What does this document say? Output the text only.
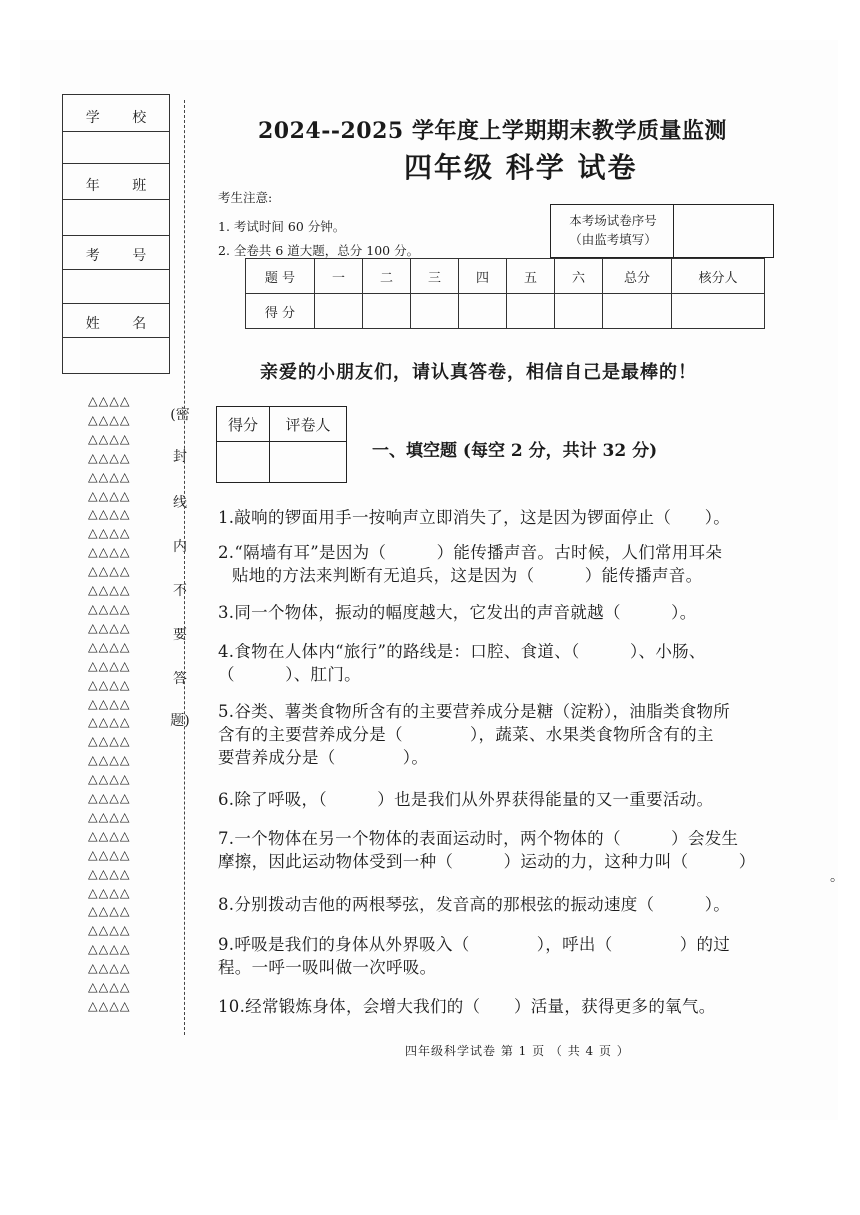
学 校
年 班
考 号
姓 名
△△△△
△△△△
△△△△
△△△△
△△△△
△△△△
△△△△
△△△△
△△△△
△△△△
△△△△
△△△△
△△△△
△△△△
△△△△
△△△△
△△△△
△△△△
△△△△
△△△△
△△△△
△△△△
△△△△
△△△△
△△△△
△△△△
△△△△
△△△△
△△△△
△△△△
△△△△
△△△△
△△△△
(密
封
线
内
不
要
答
题)
2024--2025 学年度上学期期末教学质量监测
四年级 科学 试卷
考生注意:
1. 考试时间 60 分钟。
2. 全卷共 6 道大题，总分 100 分。
本考场试卷序号
（由监考填写）
题 号	一	二	三	四	五	六	总分	核分人
得 分								
亲爱的小朋友们，请认真答卷，相信自己是最棒的！
得分	评卷人

一、填空题 (每空 2 分，共计 32 分)
1.敲响的锣面用手一按响声立即消失了，这是因为锣面停止（　　）。
2.“隔墙有耳”是因为（　　　）能传播声音。古时候，人们常用耳朵
贴地的方法来判断有无追兵，这是因为（　　　）能传播声音。
3.同一个物体，振动的幅度越大，它发出的声音就越（　　　）。
4.食物在人体内“旅行”的路线是：口腔、食道、（　　　）、小肠、
（　　　）、肛门。
5.谷类、薯类食物所含有的主要营养成分是糖（淀粉），油脂类食物所
含有的主要营养成分是（　　　　），蔬菜、水果类食物所含有的主
要营养成分是（　　　　）。
6.除了呼吸，（　　　）也是我们从外界获得能量的又一重要活动。
7.一个物体在另一个物体的表面运动时，两个物体的（　　　）会发生
摩擦，因此运动物体受到一种（　　　）运动的力，这种力叫（　　　）
8.分别拨动吉他的两根琴弦，发音高的那根弦的振动速度（　　　）。
9.呼吸是我们的身体从外界吸入（　　　　），呼出（　　　　）的过
程。一呼一吸叫做一次呼吸。
10.经常锻炼身体，会增大我们的（　　）活量，获得更多的氧气。
。
四年级科学试卷 第 1 页 （ 共 4 页 ）
